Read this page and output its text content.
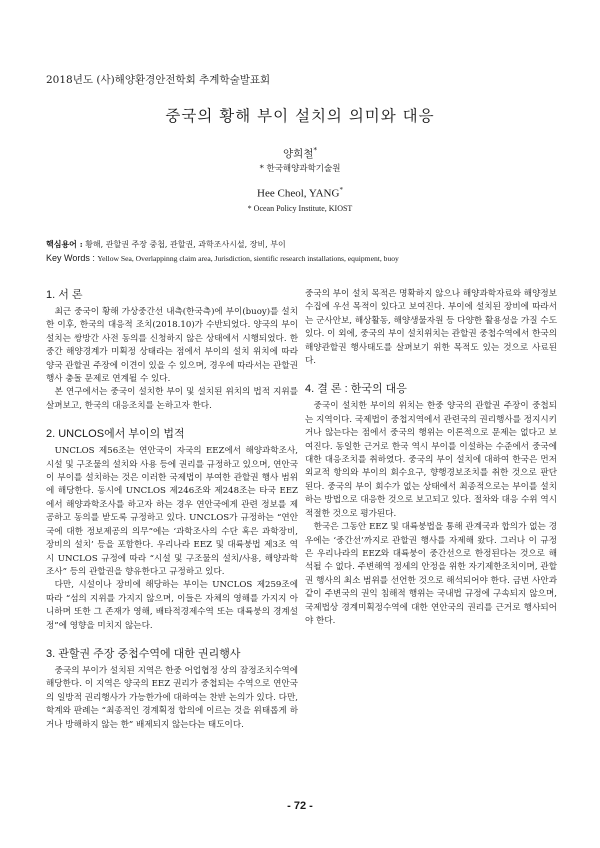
2018년도 (사)해양환경안전학회 추계학술발표회
중국의 황해 부이 설치의 의미와 대응
양희철*
* 한국해양과학기술원
Hee Cheol, YANG*
* Ocean Policy Institute, KIOST
핵심용어 : 황해, 관할권 주장 중첩, 관할권, 과학조사시설, 장비, 부이
Key Words : Yellow Sea, Overlappinng claim area, Jurisdiction, sientific research installations, equipment, buoy
1. 서 론

최근 중국이 황해 가상중간선 내측(한국측)에 부이(buoy)를 설치한 이후, 한국의 대응적 조치(2018.10)가 수반되었다. 양국의 부이 설치는 쌍방간 사전 동의를 신청하지 않은 상태에서 시행되었다. 한중간 해양경계가 미획정 상태라는 점에서 부이의 설치 위치에 따라 양국 관할권 주장에 이견이 있을 수 있으며, 경우에 따라서는 관할권 행사 충돌 문제로 연계될 수 있다.

본 연구에서는 중국이 설치한 부이 및 설치된 위치의 법적 지위를 살펴보고, 한국의 대응조치를 논하고자 한다.

2. UNCLOS에서 부이의 법적

UNCLOS 제56조는 연안국이 자국의 EEZ에서 해양과학조사, 시설 및 구조물의 설치와 사용 등에 권리를 규정하고 있으며, 연안국이 부이를 설치하는 것은 이러한 국제법이 부여한 관할권 행사 범위에 해당한다. 동시에 UNCLOS 제246조와 제248조는 타국 EEZ에서 해양과학조사를 하고자 하는 경우 연안국에게 관련 정보를 제공하고 동의를 받도록 규정하고 있다. UNCLOS가 규정하는 “연안국에 대한 정보제공의 의무”에는 ‘과학조사의 수단 혹은 과학장비, 장비의 설치’ 등을 포함한다. 우리나라 EEZ 및 대륙붕법 제3조 역시 UNCLOS 규정에 따라 “시설 및 구조물의 설치/사용, 해양과학조사” 등의 관할권을 향유한다고 규정하고 있다.

다만, 시설이나 장비에 해당하는 부이는 UNCLOS 제259조에 따라 “섬의 지위를 가지지 않으며, 이들은 자체의 영해를 가지지 아니하며 또한 그 존재가 영해, 배타적경제수역 또는 대륙붕의 경계설정”에 영향을 미치지 않는다.

3. 관할권 주장 중첩수역에 대한 권리행사

중국의 부이가 설치된 지역은 한중 어업협정 상의 잠정조치수역에 해당한다. 이 지역은 양국의 EEZ 권리가 중첩되는 수역으로 연안국의 일방적 권리행사가 가능한가에 대하여는 찬반 논의가 있다. 다만, 학계와 판례는 “최종적인 경계획정 합의에 이르는 것을 위태롭게 하거나 방해하지 않는 한” 배제되지 않는다는 태도이다.

중국의 부이 설치 목적은 명확하지 않으나 해양과학자료와 해양정보 수집에 우선 목적이 있다고 보여진다. 부이에 설치된 장비에 따라서는 군사안보, 해상활동, 해양생물자원 등 다양한 활용성을 가질 수도 있다. 이 외에, 중국의 부이 설치위치는 관할권 중첩수역에서 한국의 해양관할권 행사태도를 살펴보기 위한 목적도 있는 것으로 사료된다.

4. 결 론 : 한국의 대응

중국이 설치한 부이의 위치는 한중 양국의 관할권 주장이 중첩되는 지역이다. 국제법이 중첩지역에서 관련국의 권리행사를 정지시키거나 않는다는 점에서 중국의 행위는 이론적으로 문제는 없다고 보여진다. 동일한 근거로 한국 역시 부이를 이설하는 수준에서 중국에 대한 대응조치를 취하였다. 중국의 부이 설치에 대하여 한국은 먼저 외교적 항의와 부이의 회수요구, 향행경보조치를 취한 것으로 판단된다. 중국의 부이 회수가 없는 상태에서 최종적으로는 부이를 설치하는 방법으로 대응한 것으로 보고되고 있다. 절차와 대응 수위 역시 적절한 것으로 평가된다.

한국은 그동안 EEZ 및 대륙붕법을 통해 관계국과 합의가 없는 경우에는 ‘중간선’까지로 관할권 행사를 자제해 왔다. 그러나 이 규정은 우리나라의 EEZ와 대륙붕이 중간선으로 한정된다는 것으로 해석될 수 없다. 주변해역 정세의 안정을 위한 자기제한조치이며, 관할권 행사의 최소 범위를 선언한 것으로 해석되어야 한다. 금번 사안과 같이 주변국의 권익 침해적 행위는 국내법 규정에 구속되지 않으며, 국제법상 경계미획정수역에 대한 연안국의 권리를 근거로 행사되어야 한다.

- 72 -
